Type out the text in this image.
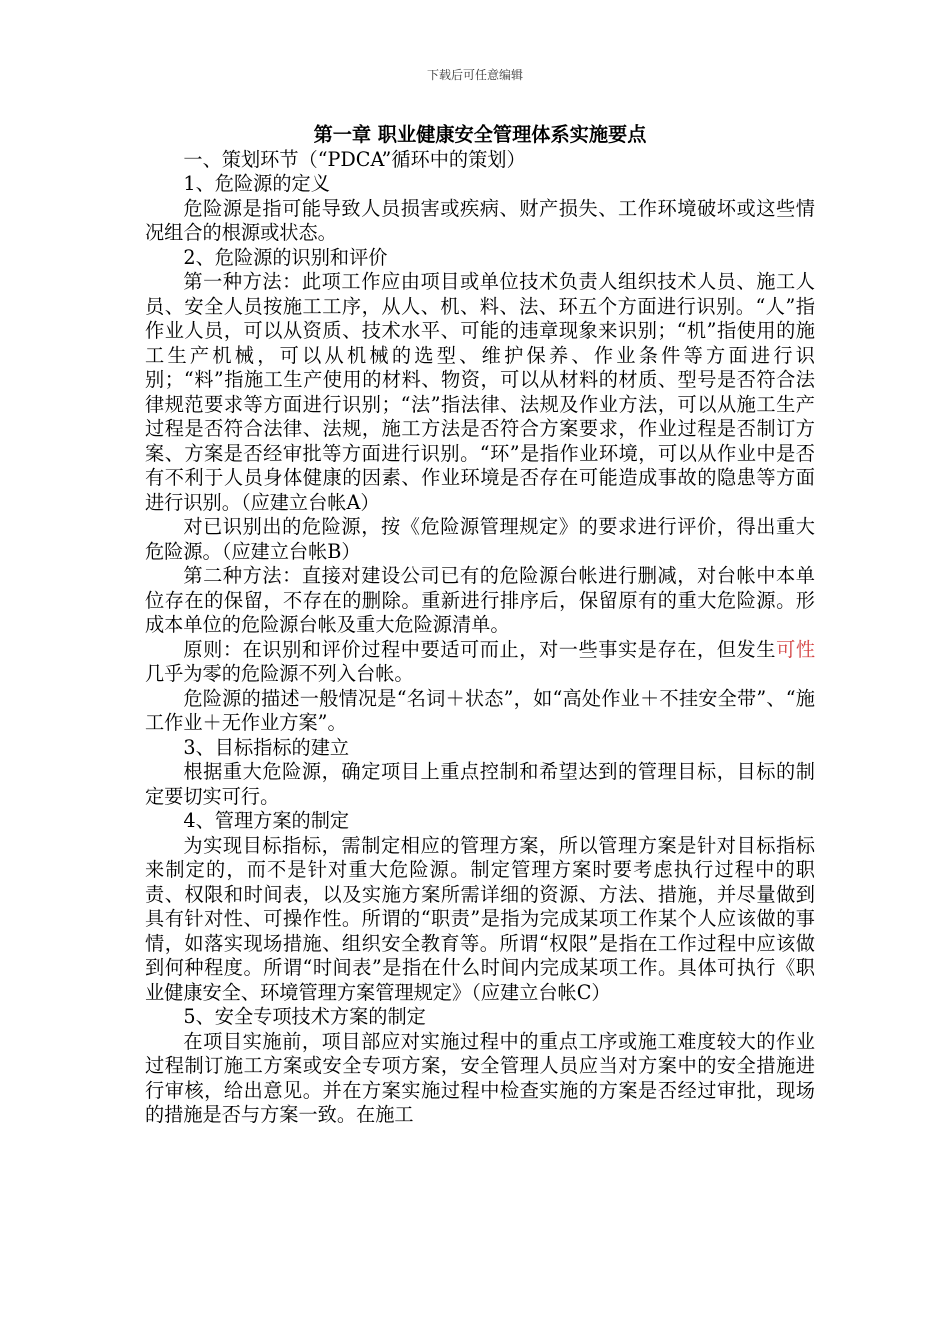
下载后可任意编辑
第一章 职业健康安全管理体系实施要点

一、策划环节（“PDCA”循环中的策划）

1、危险源的定义

危险源是指可能导致人员损害或疾病、财产损失、工作环境破坏或这些情况组合的根源或状态。

2、危险源的识别和评价

第一种方法：此项工作应由项目或单位技术负责人组织技术人员、施工人员、安全人员按施工工序，从人、机、料、法、环五个方面进行识别。“人”指作业人员，可以从资质、技术水平、可能的违章现象来识别；“机”指使用的施工生产机械，可以从机械的选型、维护保养、作业条件等方面进行识别；“料”指施工生产使用的材料、物资，可以从材料的材质、型号是否符合法律规范要求等方面进行识别；“法”指法律、法规及作业方法，可以从施工生产过程是否符合法律、法规，施工方法是否符合方案要求，作业过程是否制订方案、方案是否经审批等方面进行识别。“环”是指作业环境，可以从作业中是否有不利于人员身体健康的因素、作业环境是否存在可能造成事故的隐患等方面进行识别。（应建立台帐A）

对已识别出的危险源，按《危险源管理规定》的要求进行评价，得出重大危险源。（应建立台帐B）

第二种方法：直接对建设公司已有的危险源台帐进行删减，对台帐中本单位存在的保留，不存在的删除。重新进行排序后，保留原有的重大危险源。形成本单位的危险源台帐及重大危险源清单。

原则：在识别和评价过程中要适可而止，对一些事实是存在，但发生可性几乎为零的危险源不列入台帐。

危险源的描述一般情况是“名词＋状态”，如“高处作业＋不挂安全带”、“施工作业＋无作业方案”。

3、目标指标的建立

根据重大危险源，确定项目上重点控制和希望达到的管理目标，目标的制定要切实可行。

4、管理方案的制定

为实现目标指标，需制定相应的管理方案，所以管理方案是针对目标指标来制定的，而不是针对重大危险源。制定管理方案时要考虑执行过程中的职责、权限和时间表，以及实施方案所需详细的资源、方法、措施，并尽量做到具有针对性、可操作性。所谓的“职责”是指为完成某项工作某个人应该做的事情，如落实现场措施、组织安全教育等。所谓“权限”是指在工作过程中应该做到何种程度。所谓“时间表”是指在什么时间内完成某项工作。具体可执行《职业健康安全、环境管理方案管理规定》（应建立台帐C）

5、安全专项技术方案的制定

在项目实施前，项目部应对实施过程中的重点工序或施工难度较大的作业过程制订施工方案或安全专项方案，安全管理人员应当对方案中的安全措施进行审核，给出意见。并在方案实施过程中检查实施的方案是否经过审批，现场的措施是否与方案一致。在施工
